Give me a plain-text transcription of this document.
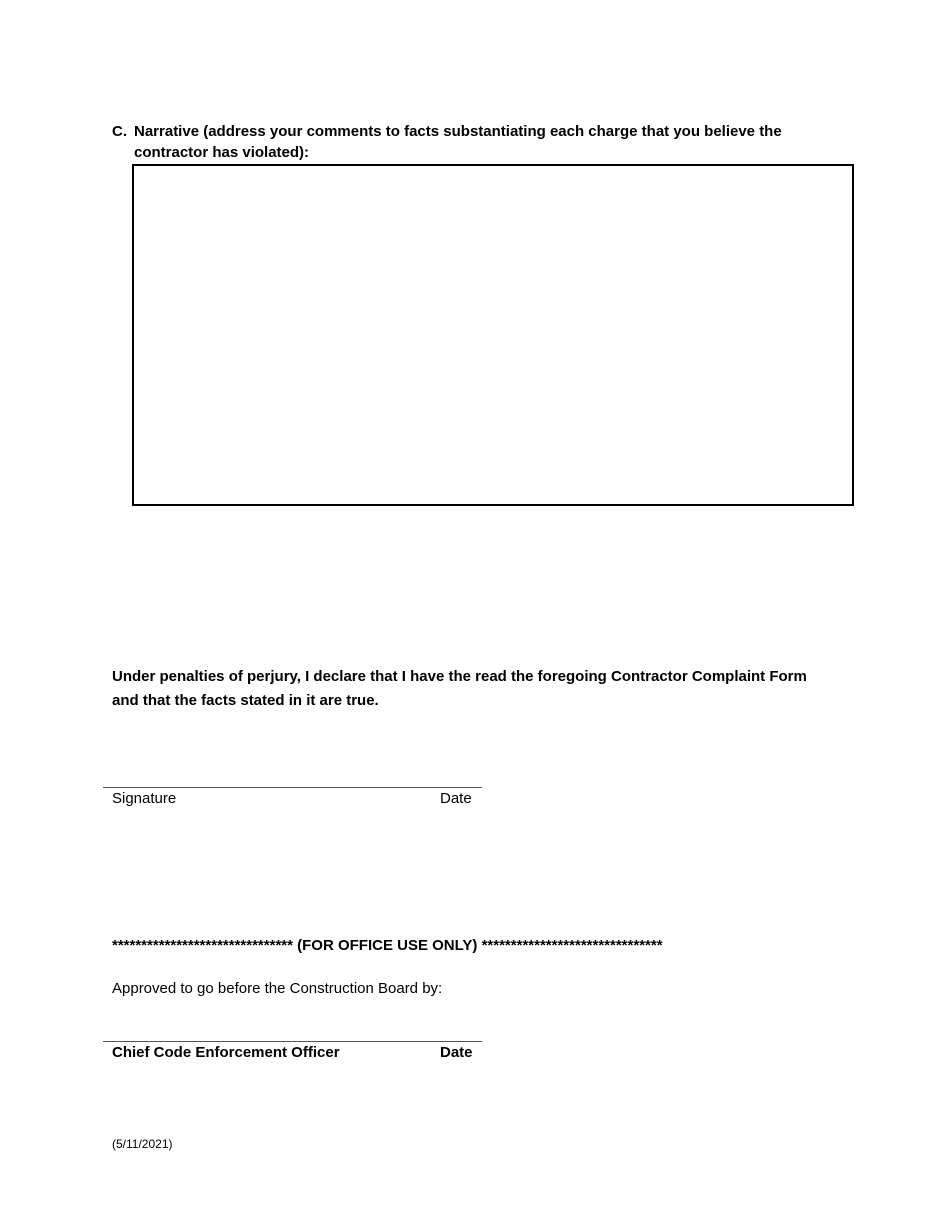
C. Narrative (address your comments to facts substantiating each charge that you believe the contractor has violated):
Under penalties of perjury, I declare that I have the read the foregoing Contractor Complaint Form and that the facts stated in it are true.
Signature	Date
******************************* (FOR OFFICE USE ONLY) *******************************
Approved to go before the Construction Board by:
Chief Code Enforcement Officer	Date
(5/11/2021)
